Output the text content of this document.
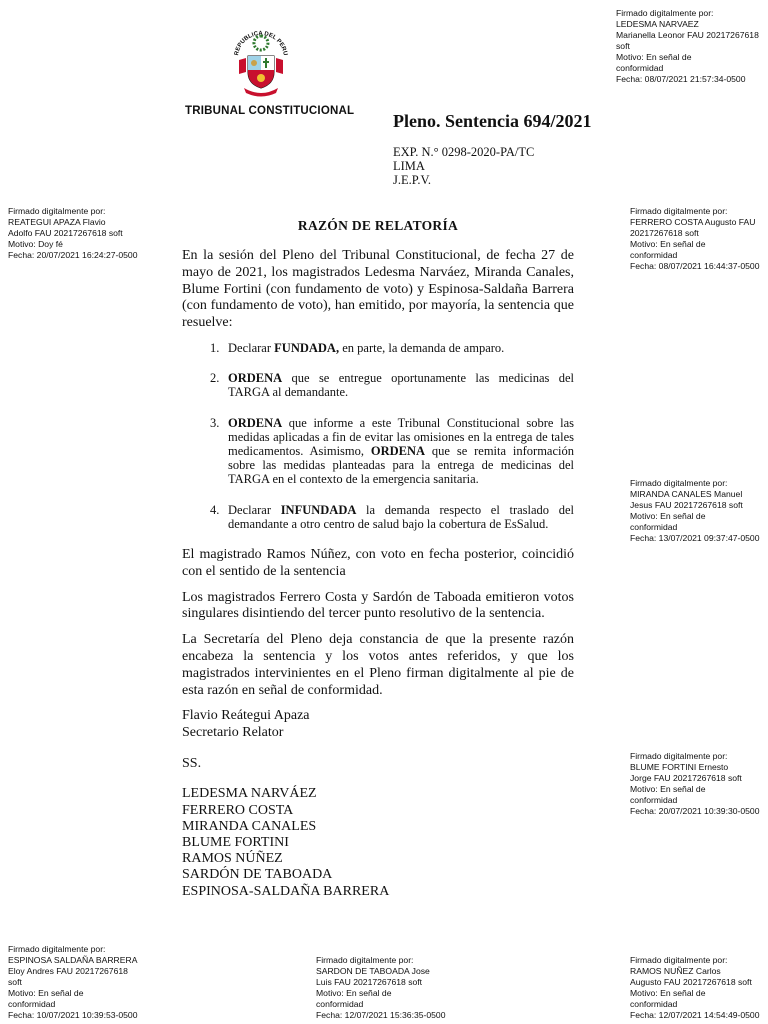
Firmado digitalmente por:
LEDESMA NARVAEZ
Marianella Leonor FAU 20217267618
soft
Motivo: En señal de
conformidad
Fecha: 08/07/2021 21:57:34-0500
Firmado digitalmente por:
REATEGUI APAZA Flavio
Adolfo FAU 20217267618 soft
Motivo: Doy fé
Fecha: 20/07/2021 16:24:27-0500
Firmado digitalmente por:
FERRERO COSTA Augusto FAU
20217267618 soft
Motivo: En señal de
conformidad
Fecha: 08/07/2021 16:44:37-0500
Firmado digitalmente por:
MIRANDA CANALES Manuel
Jesus FAU 20217267618 soft
Motivo: En señal de
conformidad
Fecha: 13/07/2021 09:37:47-0500
Firmado digitalmente por:
BLUME FORTINI Ernesto
Jorge FAU 20217267618 soft
Motivo: En señal de
conformidad
Fecha: 20/07/2021 10:39:30-0500
Firmado digitalmente por:
ESPINOSA SALDAÑA BARRERA
Eloy Andres FAU 20217267618
soft
Motivo: En señal de
conformidad
Fecha: 10/07/2021 10:39:53-0500
Firmado digitalmente por:
SARDON DE TABOADA Jose
Luis FAU 20217267618 soft
Motivo: En señal de
conformidad
Fecha: 12/07/2021 15:36:35-0500
Firmado digitalmente por:
RAMOS NUÑEZ Carlos
Augusto FAU 20217267618 soft
Motivo: En señal de
conformidad
Fecha: 12/07/2021 14:54:49-0500
REPUBLICA DEL PERU
TRIBUNAL CONSTITUCIONAL Pleno. Sentencia 694/2021
EXP. N.° 0298-2020-PA/TC
LIMA
J.E.P.V.
RAZÓN DE RELATORÍA

En la sesión del Pleno del Tribunal Constitucional, de fecha 27 de mayo de 2021, los magistrados Ledesma Narváez, Miranda Canales, Blume Fortini (con fundamento de voto) y Espinosa-Saldaña Barrera (con fundamento de voto), han emitido, por mayoría, la sentencia que resuelve:

1. Declarar FUNDADA, en parte, la demanda de amparo.
2. ORDENA que se entregue oportunamente las medicinas del TARGA al demandante.
3. ORDENA que informe a este Tribunal Constitucional sobre las medidas aplicadas a fin de evitar las omisiones en la entrega de tales medicamentos. Asimismo, ORDENA que se remita información sobre las medidas planteadas para la entrega de medicinas del TARGA en el contexto de la emergencia sanitaria.
4. Declarar INFUNDADA la demanda respecto el traslado del demandante a otro centro de salud bajo la cobertura de EsSalud.

El magistrado Ramos Núñez, con voto en fecha posterior, coincidió con el sentido de la sentencia

Los magistrados Ferrero Costa y Sardón de Taboada emitieron votos singulares disintiendo del tercer punto resolutivo de la sentencia.

La Secretaría del Pleno deja constancia de que la presente razón encabeza la sentencia y los votos antes referidos, y que los magistrados intervinientes en el Pleno firman digitalmente al pie de esta razón en señal de conformidad.

Flavio Reátegui Apaza
Secretario Relator
SS.
LEDESMA NARVÁEZ
FERRERO COSTA
MIRANDA CANALES
BLUME FORTINI
RAMOS NÚÑEZ
SARDÓN DE TABOADA
ESPINOSA-SALDAÑA BARRERA
